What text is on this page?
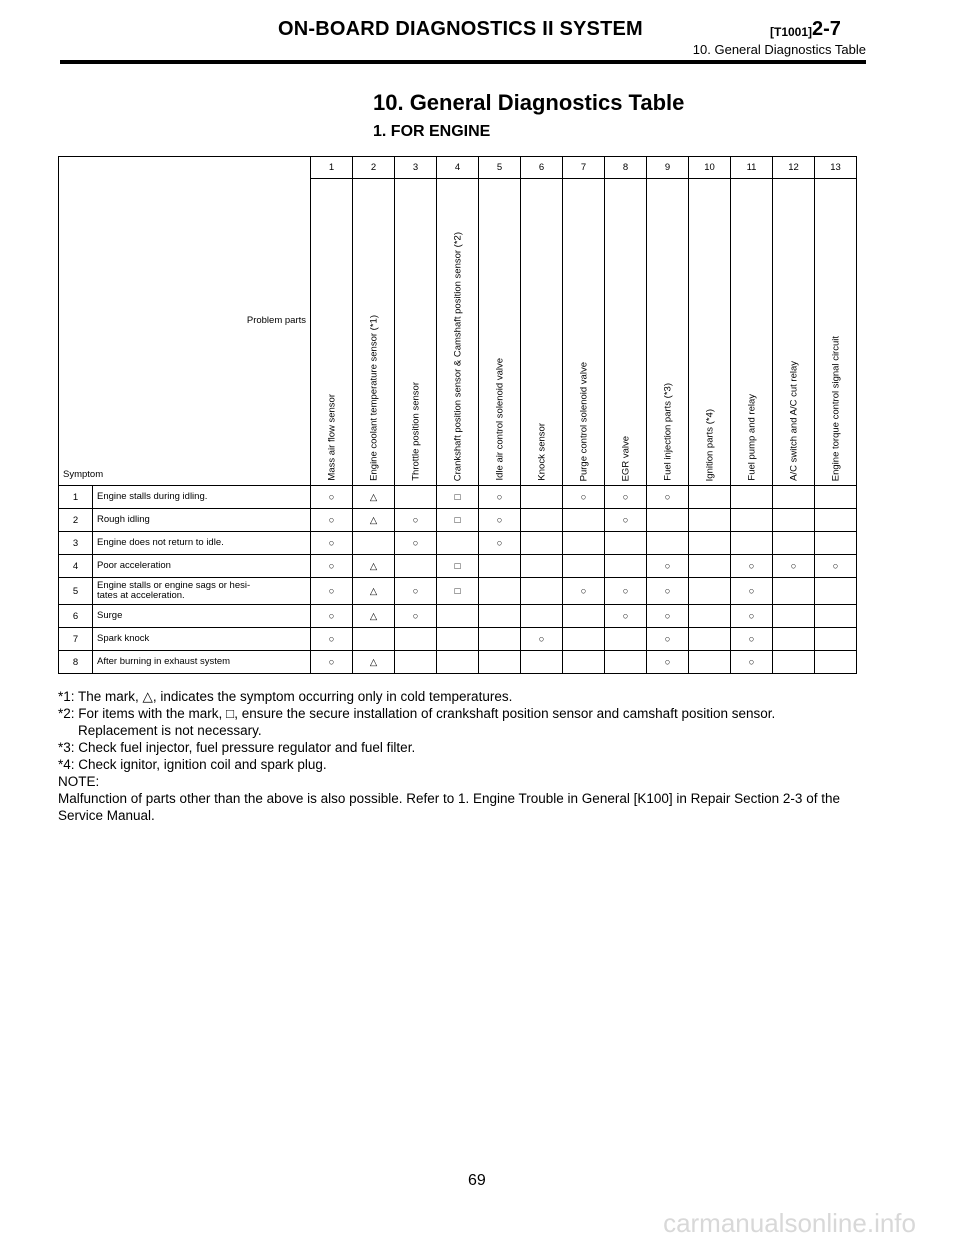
ON-BOARD DIAGNOSTICS II SYSTEM	[T1001] 2-7
10. General Diagnostics Table
10. General Diagnostics Table
1. FOR ENGINE
Problem parts
Symptom		1	2	3	4	5	6	7	8	9	10	11	12	13

		Mass air flow sensor	Engine coolant temperature sensor (*1)	Throttle position sensor	Crankshaft position sensor & Camshaft position sensor (*2)	Idle air control solenoid valve	Knock sensor	Purge control solenoid valve	EGR valve	Fuel injection parts (*3)	Ignition parts (*4)	Fuel pump and relay	A/C switch and A/C cut relay	Engine torque control signal circuit

1	Engine stalls during idling.	○	△		□	○		○	○	○				
2	Rough idling	○	△	○	□	○			○					
3	Engine does not return to idle.	○		○		○								
4	Poor acceleration	○	△		□					○		○	○	○
5	Engine stalls or engine sags or hesi-
tates at acceleration.	○	△	○	□			○	○	○		○		
6	Surge	○	△	○					○	○		○		
7	Spark knock	○					○			○		○		
8	After burning in exhaust system	○	△							○		○		

*1: The mark, △, indicates the symptom occurring only in cold temperatures.

*2: For items with the mark, □, ensure the secure installation of crankshaft position sensor and camshaft position sensor.

Replacement is not necessary.

*3: Check fuel injector, fuel pressure regulator and fuel filter.

*4: Check ignitor, ignition coil and spark plug.

NOTE:

Malfunction of parts other than the above is also possible. Refer to 1. Engine Trouble in General [K100] in Repair Section 2-3 of the Service Manual.

69
carmanualsonline.info
